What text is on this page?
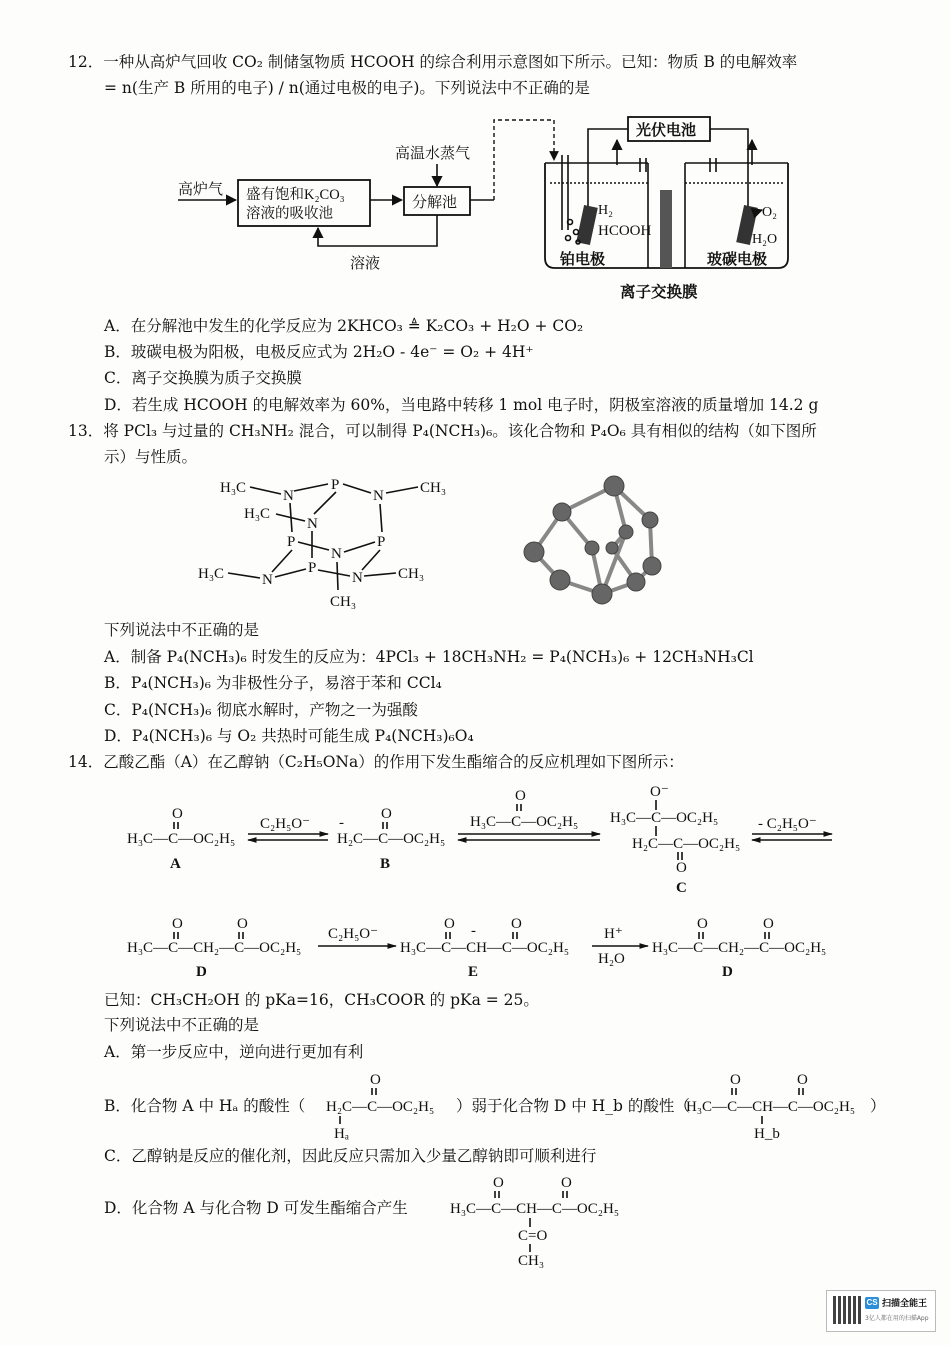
12．一种从高炉气回收 CO₂ 制储氢物质 HCOOH 的综合利用示意图如下所示。已知：物质 B 的电解效率
= n(生产 B 所用的电子) / n(通过电极的电子)。下列说法中不正确的是
高炉气 盛有饱和K₂CO₃
溶液的吸收池
高温水蒸气
分解池
溶液
光伏电池
H₂
HCOOH
铂电极
O₂
H₂O
玻碳电极
离子交换膜
A．在分解池中发生的化学反应为 2KHCO₃ ≜ K₂CO₃ + H₂O + CO₂
B．玻碳电极为阳极，电极反应式为 2H₂O - 4e⁻ = O₂ + 4H⁺
C．离子交换膜为质子交换膜
D．若生成 HCOOH 的电解效率为 60%，当电路中转移 1 mol 电子时，阴极室溶液的质量增加 14.2 g
13．将 PCl₃ 与过量的 CH₃NH₂ 混合，可以制得 P₄(NCH₃)₆。该化合物和 P₄O₆ 具有相似的结构（如下图所
示）与性质。
H₃C N
P
N CH₃
H₃C
N
P	P
N
P
H₃C	N	N CH₃
CH₃
下列说法中不正确的是
A．制备 P₄(NCH₃)₆ 时发生的反应为：4PCl₃ + 18CH₃NH₂ = P₄(NCH₃)₆ + 12CH₃NH₃Cl
B．P₄(NCH₃)₆ 为非极性分子，易溶于苯和 CCl₄
C．P₄(NCH₃)₆ 彻底水解时，产物之一为强酸
D．P₄(NCH₃)₆ 与 O₂ 共热时可能生成 P₄(NCH₃)₆O₄
14．乙酸乙酯（A）在乙醇钠（C₂H₅ONa）的作用下发生酯缩合的反应机理如下图所示：
O
H₃C—C—OC₂H₅
A
C₂H₅O⁻ -
O
H₂C—C—OC₂H₅
B
O
H₃C—C—OC₂H₅
O⁻
H₃C—C—OC₂H₅
H₂C—C—OC₂H₅
O
C
- C₂H₅O⁻
O	O
H₃C—C—CH₂—C—OC₂H₅
D
C₂H₅O⁻
O - O
H₃C—C—CH—C—OC₂H₅
E
H⁺
H₂O
O	O
H₃C—C—CH₂—C—OC₂H₅
D
已知：CH₃CH₂OH 的 pKa=16，CH₃COOR 的 pKa = 25。
下列说法中不正确的是
A．第一步反应中，逆向进行更加有利
B．化合物 A 中 Hₐ 的酸性（
O
H₂C—C—OC₂H₅
Hₐ
O	O
H₃C—C—CH—C—OC₂H₅
H_b
）弱于化合物 D 中 H_b 的酸性（	）
C．乙醇钠是反应的催化剂，因此反应只需加入少量乙醇钠即可顺利进行
D．化合物 A 与化合物 D 可发生酯缩合产生
O	O
H₃C—C—CH—C—OC₂H₅
C=O
CH₃
CS 扫描全能王
3亿人都在用的扫描App
